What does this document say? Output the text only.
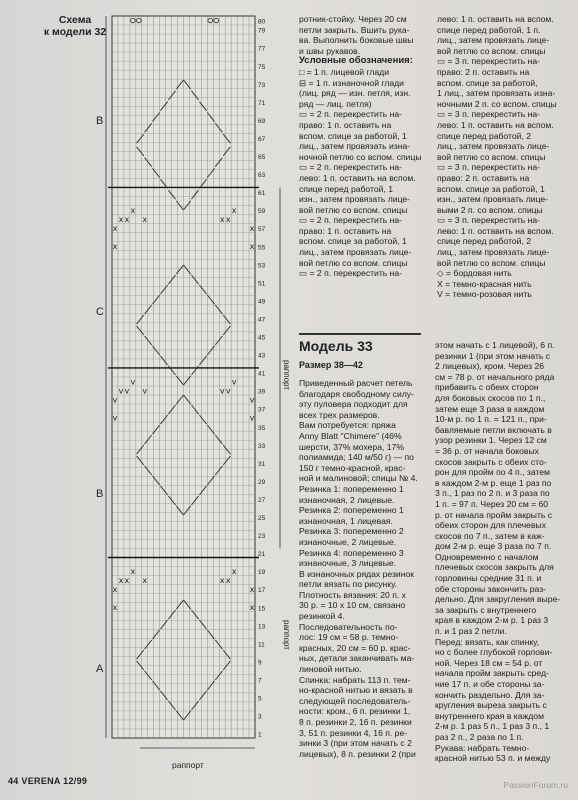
Схема
к модели 32
x x x
x
x
x x
x
x
x	x
x x x
x
x
x x
x
x
x	x
v v v
v
v
v v
v
v
v	v
80
79
77
75
73
71
69
67
65
63
61
59
57
55
53
51
49
47
45
43
41
39
37
35
33
31
29
27
25
23
21
19
17
15
13
11
9
7
5
3
1
B
C
B
A
раппорт
раппорт
раппорт

ротник-стойку. Через 20 см

петли закрыть. Вшить рука-

ва. Выполнить боковые швы

и швы рукавов.

Условные обозначения:

□ = 1 п. лицевой глади

⊟ = 1 п. изнаночной глади

(лиц. ряд — изн. петля, изн.

ряд — лиц. петля)

▭ = 2 п. перекрестить на-

право: 1 п. оставить на

вспом. спице за работой, 1

лиц., затем провязать изна-

ночной петлю со вспом. спицы

▭ = 2 п. перекрестить на-

лево: 1 п. оставить на вспом.

спице перед работой, 1

изн., затем провязать лице-

вой петлю со вспом. спицы

▭ = 2 п. перекрестить на-

право: 1 п. оставить на

вспом. спице за работой, 1

лиц., затем провязать лице-

вой петлю со вспом. спицы

▭ = 2 п. перекрестить на-

лево: 1 п. оставить на вспом.

спице перед работой, 1 п.

лиц., затем провязать лице-

вой петлю со вспом. спицы

▭ = 3 п. перекрестить на-

право: 2 п. оставить на

вспом. спице за работой,

1 лиц., затем провязать изна-

ночными 2 п. со вспом. спицы

▭ = 3 п. перекрестить на-

лево: 1 п. оставить на вспом.

спице перед работой, 2

лиц., затем провязать лице-

вой петлю со вспом. спицы

▭ = 3 п. перекрестить на-

право: 2 п. оставить на

вспом. спице за работой, 1

изн., затем провязать лице-

выми 2 п. со вспом. спицы

▭ = 3 п. перекрестить на-

лево: 1 п. оставить на вспом.

спице перед работой, 2

лиц., затем провязать лице-

вой петлю со вспом. спицы

◇ = бордовая нить

X = темно-красная нить

V = темно-розовая нить

Модель 33
Размер 38—42

Приведенный расчет петель

благодаря свободному силу-

эту пуловера подходит для

всех трех размеров.

Вам потребуется: пряжа

Anny Blatt "Chimere" (46%

шерсти, 37% мохера, 17%

полиамида; 140 м/50 г) — по

150 г темно-красной, крас-

ной и малиновой; спицы № 4.

Резинка 1: попеременно 1

изнаночная, 2 лицевые.

Резинка 2: попеременно 1

изнаночная, 1 лицевая.

Резинка 3: попеременно 2

изнаночные, 2 лицевые.

Резинка 4: попеременно 3

изнаночные, 3 лицевые.

В изнаночных рядах резинок

петли вязать по рисунку.

Плотность вязания: 20 п. х

30 р. = 10 х 10 см, связано

резинкой 4.

Последовательность по-

лос: 19 см = 58 р. темно-

красных, 20 см = 60 р. крас-

ных, детали заканчивать ма-

линовой нитью.

Спинка: набрать 113 п. тем-

но-красной нитью и вязать в

следующей последователь-

ности: кром., 6 п. резинки 1,

8 п. резинки 2, 16 п. резинки

3, 51 п. резинки 4, 16 п. ре-

зинки 3 (при этом начать с 2

лицевых), 8 п. резинки 2 (при

этом начать с 1 лицевой), 6 п.

резинки 1 (при этом начать с

2 лицевых), кром. Через 26

см = 78 р. от начального ряда

прибавить с обеих сторон

для боковых скосов по 1 п.,

затем еще 3 раза в каждом

10-м р. по 1 п. = 121 п., при-

бавляемые петли включать в

узор резинки 1. Через 12 см

= 36 р. от начала боковых

скосов закрыть с обеих сто-

рон для пройм по 4 п., затем

в каждом 2-м р. еще 1 раз по

3 п., 1 раз по 2 п. и 3 раза по

1 п. = 97 п. Через 20 см = 60

р. от начала пройм закрыть с

обеих сторон для плечевых

скосов по 7 п., затем в каж-

дом 2-м р. еще 3 раза по 7 п.

Одновременно с началом

плечевых скосов закрыть для

горловины средние 31 п. и

обе стороны закончить раз-

дельно. Для закругления выре-

за закрыть с внутреннего

края в каждом 2-м р. 1 раз 3

п. и 1 раз 2 петли.

Перед: вязать, как спинку,

но с более глубокой горлови-

ной. Через 18 см = 54 р. от

начала пройм закрыть сред-

ние 17 п. и обе стороны за-

кончить раздельно. Для за-

кругления выреза закрыть с

внутреннего края в каждом

2-м р. 1 раз 5 п., 1 раз 3 п., 1

раз 2 п., 2 раза по 1 п.

Рукава: набрать темно-

красной нитью 53 п. и между

44 VERENA 12/99	PassionForum.ru
